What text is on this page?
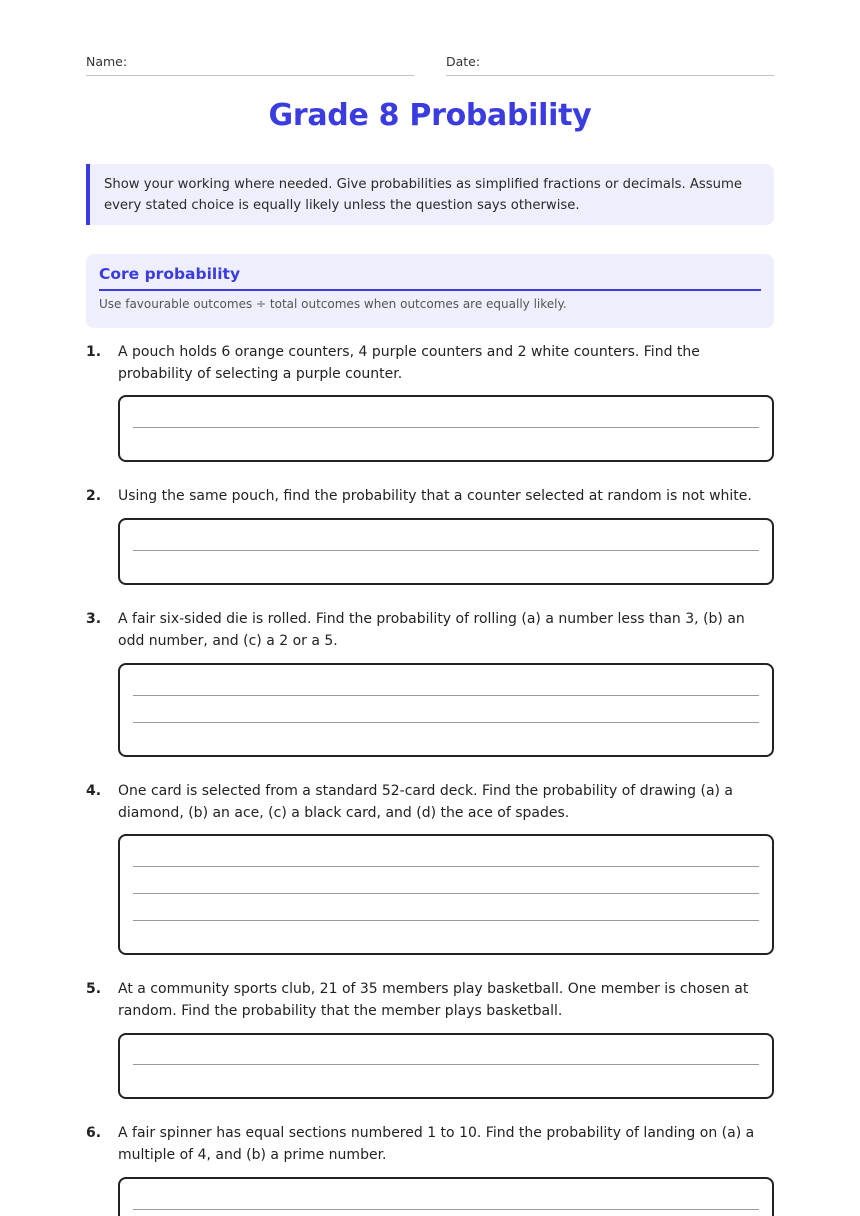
Name:	Date:
Grade 8 Probability
Show your working where needed. Give probabilities as simplified fractions or decimals. Assume every stated choice is equally likely unless the question says otherwise.
Core probability
Use favourable outcomes ÷ total outcomes when outcomes are equally likely.
1. A pouch holds 6 orange counters, 4 purple counters and 2 white counters. Find the probability of selecting a purple counter.
2. Using the same pouch, find the probability that a counter selected at random is not white.
3. A fair six-sided die is rolled. Find the probability of rolling (a) a number less than 3, (b) an odd number, and (c) a 2 or a 5.
4. One card is selected from a standard 52-card deck. Find the probability of drawing (a) a diamond, (b) an ace, (c) a black card, and (d) the ace of spades.
5. At a community sports club, 21 of 35 members play basketball. One member is chosen at random. Find the probability that the member plays basketball.
6. A fair spinner has equal sections numbered 1 to 10. Find the probability of landing on (a) a multiple of 4, and (b) a prime number.
